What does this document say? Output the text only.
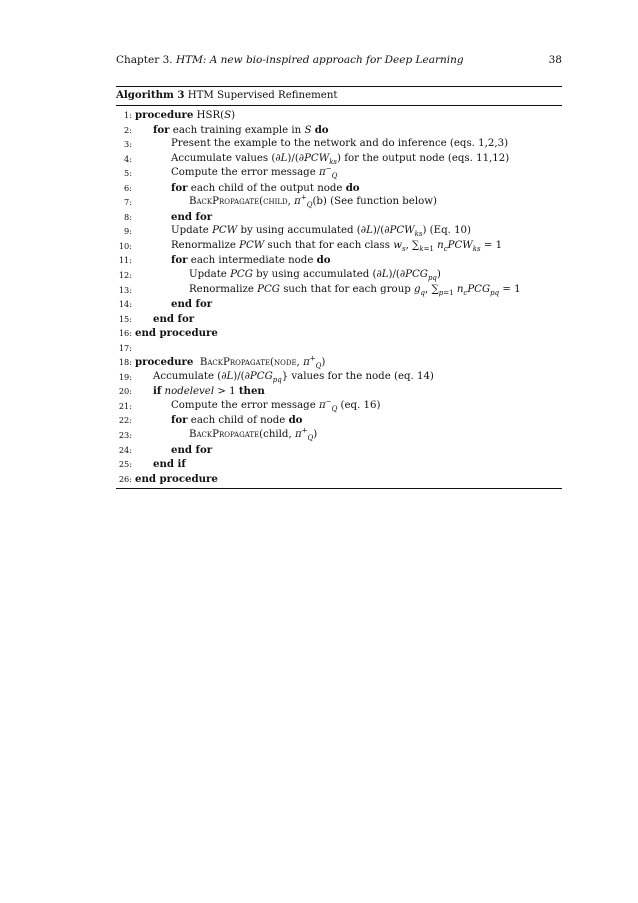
Chapter 3. HTM: A new bio-inspired approach for Deep Learning	38
Algorithm 3 HTM Supervised Refinement
1: procedure HSR(S)
2: for each training example in S do
3:	Present the example to the network and do inference (eqs. 1,2,3)
4:	Accumulate values $(\partial L)/(\partial PCW_{ks})$ for the output node (eqs. 11,12)
5:	Compute the error message $\pi^-_Q$
6:	for each child of the output node do
7:	BackPropagate(child, $\pi^+_Q(b)$ (See function below)
8:	end for
9:	Update PCW by using accumulated $(\partial L)/(\partial PCW_{ks})$ (Eq. 10)
10:	Renormalize PCW such that for each class $w_s$, $\sum_{k=1}$ $n_cPCW_{ks} = 1$
11:	for each intermediate node do
12:	Update PCG by using accumulated $(\partial L)/(\partial PCG_{pq})$
13:	Renormalize PCG such that for each group $g_q$, $\sum_{p=1}$ $n_cPCG_{pq} = 1$
14:	end for
15: end for
16: end procedure
17:
18: procedure BackPropagate(node, $\pi^+_Q$)
19: Accumulate $(\partial L)/(\partial PCG_{pq}\}$ values for the node (eq. 14)
20: if nodelevel > 1 then
21:	Compute the error message $\pi^-_Q$ (eq. 16)
22:	for each child of node do
23:	BackPropagate(child, $\pi^+_Q$)
24:	end for
25: end if
26: end procedure
